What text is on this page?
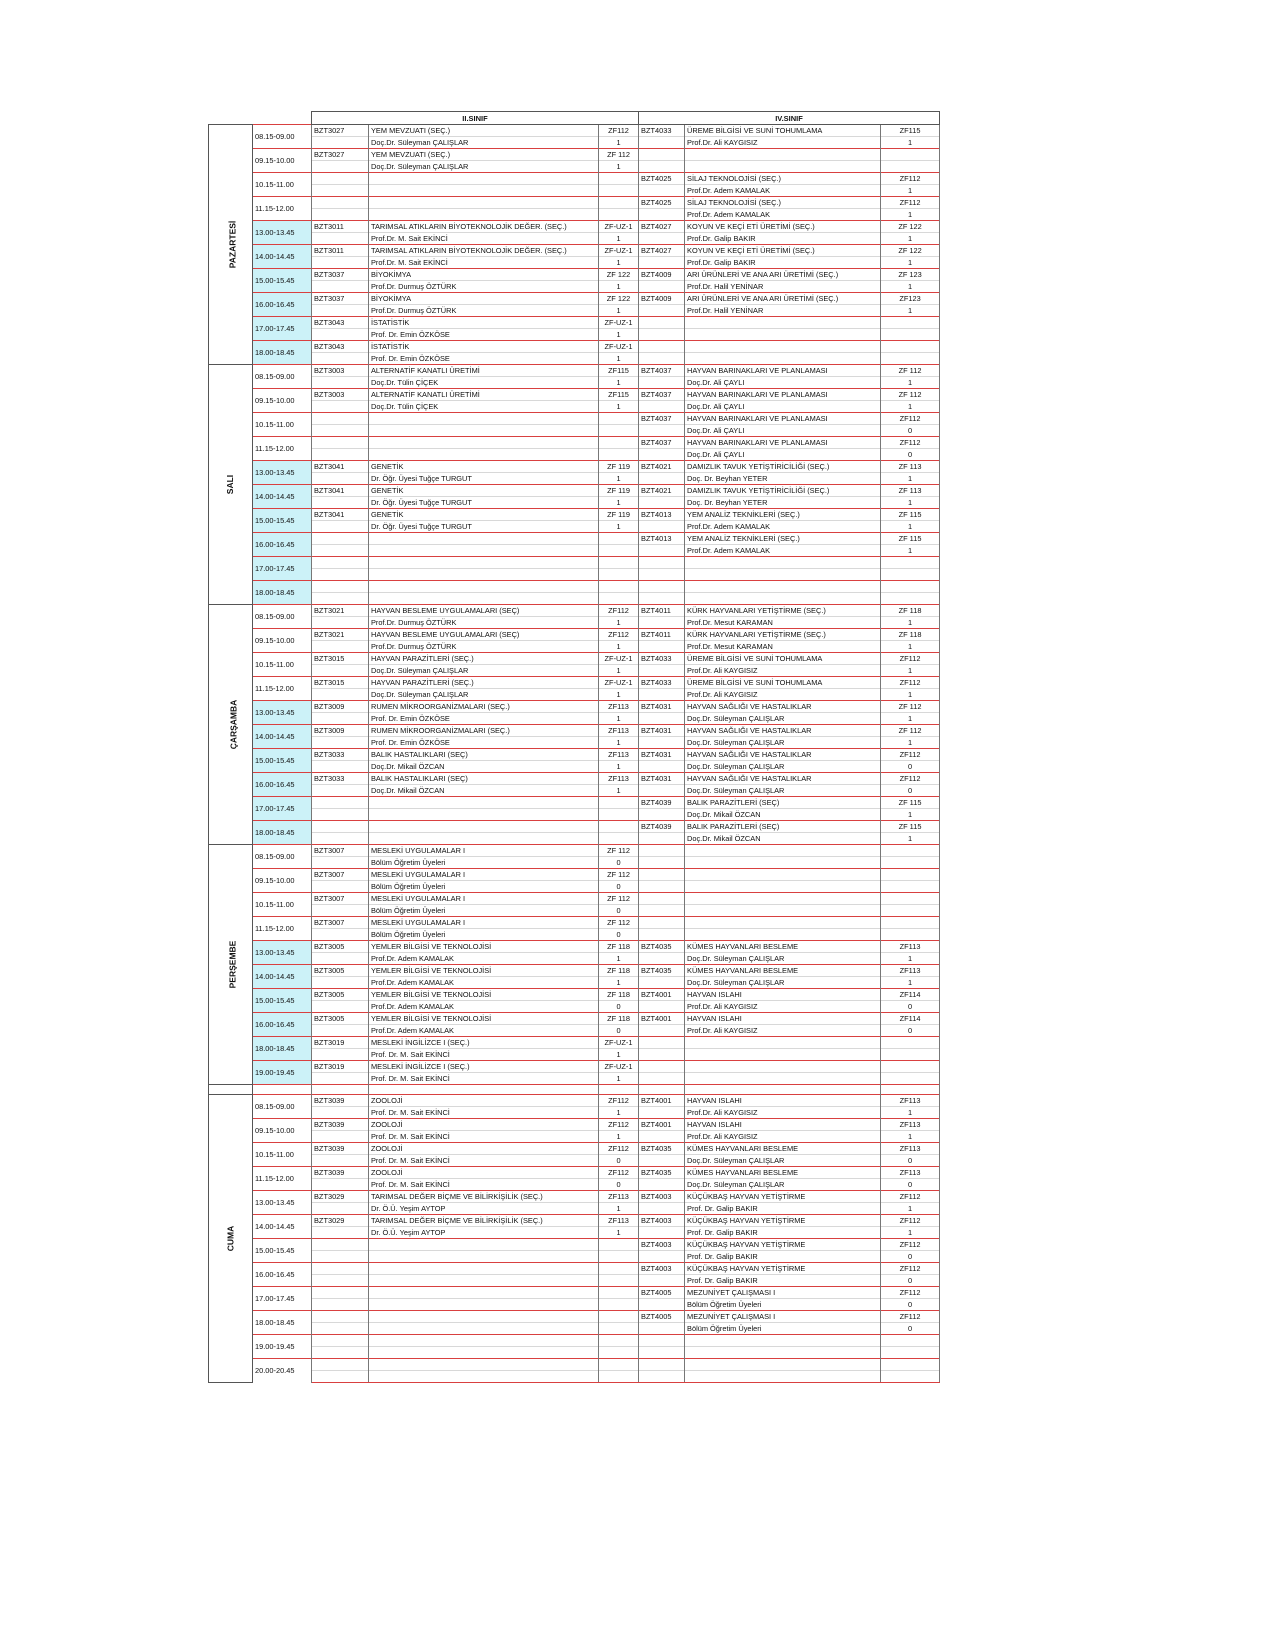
		II.SINIF			IV.SINIF		
PAZARTESİ	08.15-09.00	BZT3027	YEM MEVZUATI (SEÇ.)	ZF112	BZT4033	ÜREME BİLGİSİ VE SUNİ TOHUMLAMA	ZF115
			Doç.Dr. Süleyman ÇALIŞLAR	1		Prof.Dr. Ali KAYGISIZ	1
	09.15-10.00	BZT3027	YEM MEVZUATI (SEÇ.)	ZF 112			
			Doç.Dr. Süleyman ÇALIŞLAR	1			
	10.15-11.00				BZT4025	SİLAJ TEKNOLOJİSİ (SEÇ.)	ZF112
						Prof.Dr. Adem KAMALAK	1
	11.15-12.00				BZT4025	SİLAJ TEKNOLOJİSİ (SEÇ.)	ZF112
						Prof.Dr. Adem KAMALAK	1
	13.00-13.45	BZT3011	TARIMSAL ATIKLARIN BİYOTEKNOLOJİK DEĞER. (SEÇ.)	ZF-UZ-1	BZT4027	KOYUN VE KEÇİ ETİ ÜRETİMİ (SEÇ.)	ZF 122
			Prof.Dr. M. Sait EKİNCİ	1		Prof.Dr. Galip BAKIR	1
	14.00-14.45	BZT3011	TARIMSAL ATIKLARIN BİYOTEKNOLOJİK DEĞER. (SEÇ.)	ZF-UZ-1	BZT4027	KOYUN VE KEÇİ ETİ ÜRETİMİ (SEÇ.)	ZF 122
			Prof.Dr. M. Sait EKİNCİ	1		Prof.Dr. Galip BAKIR	1
	15.00-15.45	BZT3037	BİYOKİMYA	ZF 122	BZT4009	ARI ÜRÜNLERİ VE ANA ARI ÜRETİMİ (SEÇ.)	ZF 123
			Prof.Dr. Durmuş ÖZTÜRK	1		Prof.Dr. Halil YENİNAR	1
	16.00-16.45	BZT3037	BİYOKİMYA	ZF 122	BZT4009	ARI ÜRÜNLERİ VE ANA ARI ÜRETİMİ (SEÇ.)	ZF123
			Prof.Dr. Durmuş ÖZTÜRK	1		Prof.Dr. Halil YENİNAR	1
	17.00-17.45	BZT3043	İSTATİSTİK	ZF-UZ-1			
			Prof. Dr. Emin ÖZKÖSE	1			
	18.00-18.45	BZT3043	İSTATİSTİK	ZF-UZ-1			
			Prof. Dr. Emin ÖZKÖSE	1			
SALI	08.15-09.00	BZT3003	ALTERNATİF KANATLI ÜRETİMİ	ZF115	BZT4037	HAYVAN BARINAKLARI VE PLANLAMASI	ZF 112
			Doç.Dr. Tülin ÇİÇEK	1		Doç.Dr. Ali ÇAYLI	1
	09.15-10.00	BZT3003	ALTERNATİF KANATLI ÜRETİMİ	ZF115	BZT4037	HAYVAN BARINAKLARI VE PLANLAMASI	ZF 112
			Doç.Dr. Tülin ÇİÇEK	1		Doç.Dr. Ali ÇAYLI	1
	10.15-11.00				BZT4037	HAYVAN BARINAKLARI VE PLANLAMASI	ZF112
						Doç.Dr. Ali ÇAYLI	0
	11.15-12.00				BZT4037	HAYVAN BARINAKLARI VE PLANLAMASI	ZF112
						Doç.Dr. Ali ÇAYLI	0
	13.00-13.45	BZT3041	GENETİK	ZF 119	BZT4021	DAMIZLIK TAVUK YETİŞTİRİCİLİĞİ (SEÇ.)	ZF 113
			Dr. Öğr. Üyesi Tuğçe TURGUT	1		Doç. Dr. Beyhan YETER	1
	14.00-14.45	BZT3041	GENETİK	ZF 119	BZT4021	DAMIZLIK TAVUK YETİŞTİRİCİLİĞİ (SEÇ.)	ZF 113
			Dr. Öğr. Üyesi Tuğçe TURGUT	1		Doç. Dr. Beyhan YETER	1
	15.00-15.45	BZT3041	GENETİK	ZF 119	BZT4013	YEM ANALİZ TEKNİKLERİ (SEÇ.)	ZF 115
			Dr. Öğr. Üyesi Tuğçe TURGUT	1		Prof.Dr. Adem KAMALAK	1
	16.00-16.45				BZT4013	YEM ANALİZ TEKNİKLERİ (SEÇ.)	ZF 115
						Prof.Dr. Adem KAMALAK	1
	17.00-17.45						

	18.00-18.45						

ÇARŞAMBA	08.15-09.00	BZT3021	HAYVAN BESLEME UYGULAMALARI (SEÇ)	ZF112	BZT4011	KÜRK HAYVANLARI YETİŞTİRME (SEÇ.)	ZF 118
			Prof.Dr. Durmuş ÖZTÜRK	1		Prof.Dr. Mesut KARAMAN	1
	09.15-10.00	BZT3021	HAYVAN BESLEME UYGULAMALARI (SEÇ)	ZF112	BZT4011	KÜRK HAYVANLARI YETİŞTİRME (SEÇ.)	ZF 118
			Prof.Dr. Durmuş ÖZTÜRK	1		Prof.Dr. Mesut KARAMAN	1
	10.15-11.00	BZT3015	HAYVAN PARAZİTLERİ (SEÇ.)	ZF-UZ-1	BZT4033	ÜREME BİLGİSİ VE SUNİ TOHUMLAMA	ZF112
			Doç.Dr. Süleyman ÇALIŞLAR	1		Prof.Dr. Ali KAYGISIZ	1
	11.15-12.00	BZT3015	HAYVAN PARAZİTLERİ (SEÇ.)	ZF-UZ-1	BZT4033	ÜREME BİLGİSİ VE SUNİ TOHUMLAMA	ZF112
			Doç.Dr. Süleyman ÇALIŞLAR	1		Prof.Dr. Ali KAYGISIZ	1
	13.00-13.45	BZT3009	RUMEN MİKROORGANİZMALARI (SEÇ.)	ZF113	BZT4031	HAYVAN SAĞLIĞI VE HASTALIKLAR	ZF 112
			Prof. Dr. Emin ÖZKÖSE	1		Doç.Dr. Süleyman ÇALIŞLAR	1
	14.00-14.45	BZT3009	RUMEN MİKROORGANİZMALARI (SEÇ.)	ZF113	BZT4031	HAYVAN SAĞLIĞI VE HASTALIKLAR	ZF 112
			Prof. Dr. Emin ÖZKÖSE	1		Doç.Dr. Süleyman ÇALIŞLAR	1
	15.00-15.45	BZT3033	BALIK HASTALIKLARI (SEÇ)	ZF113	BZT4031	HAYVAN SAĞLIĞI VE HASTALIKLAR	ZF112
			Doç.Dr. Mikail ÖZCAN	1		Doç.Dr. Süleyman ÇALIŞLAR	0
	16.00-16.45	BZT3033	BALIK HASTALIKLARI (SEÇ)	ZF113	BZT4031	HAYVAN SAĞLIĞI VE HASTALIKLAR	ZF112
			Doç.Dr. Mikail ÖZCAN	1		Doç.Dr. Süleyman ÇALIŞLAR	0
	17.00-17.45				BZT4039	BALIK PARAZİTLERİ (SEÇ)	ZF 115
						Doç.Dr. Mikail ÖZCAN	1
	18.00-18.45				BZT4039	BALIK PARAZİTLERİ (SEÇ)	ZF 115
						Doç.Dr. Mikail ÖZCAN	1
PERŞEMBE	08.15-09.00	BZT3007	MESLEKİ UYGULAMALAR I	ZF 112			
			Bölüm Öğretim Üyeleri	0			
	09.15-10.00	BZT3007	MESLEKİ UYGULAMALAR I	ZF 112			
			Bölüm Öğretim Üyeleri	0			
	10.15-11.00	BZT3007	MESLEKİ UYGULAMALAR I	ZF 112			
			Bölüm Öğretim Üyeleri	0			
	11.15-12.00	BZT3007	MESLEKİ UYGULAMALAR I	ZF 112			
			Bölüm Öğretim Üyeleri	0			
	13.00-13.45	BZT3005	YEMLER BİLGİSİ VE TEKNOLOJİSİ	ZF 118	BZT4035	KÜMES HAYVANLARI BESLEME	ZF113
			Prof.Dr. Adem KAMALAK	1		Doç.Dr. Süleyman ÇALIŞLAR	1
	14.00-14.45	BZT3005	YEMLER BİLGİSİ VE TEKNOLOJİSİ	ZF 118	BZT4035	KÜMES HAYVANLARI BESLEME	ZF113
			Prof.Dr. Adem KAMALAK	1		Doç.Dr. Süleyman ÇALIŞLAR	1
	15.00-15.45	BZT3005	YEMLER BİLGİSİ VE TEKNOLOJİSİ	ZF 118	BZT4001	HAYVAN ISLAHI	ZF114
			Prof.Dr. Adem KAMALAK	0		Prof.Dr. Ali KAYGISIZ	0
	16.00-16.45	BZT3005	YEMLER BİLGİSİ VE TEKNOLOJİSİ	ZF 118	BZT4001	HAYVAN ISLAHI	ZF114
			Prof.Dr. Adem KAMALAK	0		Prof.Dr. Ali KAYGISIZ	0
	18.00-18.45	BZT3019	MESLEKİ İNGİLİZCE I (SEÇ.)	ZF-UZ-1			
			Prof. Dr. M. Sait EKİNCİ	1			
	19.00-19.45	BZT3019	MESLEKİ İNGİLİZCE I (SEÇ.)	ZF-UZ-1			
			Prof. Dr. M. Sait EKİNCİ	1			

CUMA	08.15-09.00	BZT3039	ZOOLOJİ	ZF112	BZT4001	HAYVAN ISLAHI	ZF113
			Prof. Dr. M. Sait EKİNCİ	1		Prof.Dr. Ali KAYGISIZ	1
	09.15-10.00	BZT3039	ZOOLOJİ	ZF112	BZT4001	HAYVAN ISLAHI	ZF113
			Prof. Dr. M. Sait EKİNCİ	1		Prof.Dr. Ali KAYGISIZ	1
	10.15-11.00	BZT3039	ZOOLOJİ	ZF112	BZT4035	KÜMES HAYVANLARI BESLEME	ZF113
			Prof. Dr. M. Sait EKİNCİ	0		Doç.Dr. Süleyman ÇALIŞLAR	0
	11.15-12.00	BZT3039	ZOOLOJİ	ZF112	BZT4035	KÜMES HAYVANLARI BESLEME	ZF113
			Prof. Dr. M. Sait EKİNCİ	0		Doç.Dr. Süleyman ÇALIŞLAR	0
	13.00-13.45	BZT3029	TARIMSAL DEĞER BİÇME VE BİLİRKİŞİLİK (SEÇ.)	ZF113	BZT4003	KÜÇÜKBAŞ HAYVAN YETİŞTİRME	ZF112
			Dr. Ö.Ü. Yeşim AYTOP	1		Prof. Dr. Galip BAKIR	1
	14.00-14.45	BZT3029	TARIMSAL DEĞER BİÇME VE BİLİRKİŞİLİK (SEÇ.)	ZF113	BZT4003	KÜÇÜKBAŞ HAYVAN YETİŞTİRME	ZF112
			Dr. Ö.Ü. Yeşim AYTOP	1		Prof. Dr. Galip BAKIR	1
	15.00-15.45				BZT4003	KÜÇÜKBAŞ HAYVAN YETİŞTİRME	ZF112
						Prof. Dr. Galip BAKIR	0
	16.00-16.45				BZT4003	KÜÇÜKBAŞ HAYVAN YETİŞTİRME	ZF112
						Prof. Dr. Galip BAKIR	0
	17.00-17.45				BZT4005	MEZUNİYET ÇALIŞMASI I	ZF112
						Bölüm Öğretim Üyeleri	0
	18.00-18.45				BZT4005	MEZUNİYET ÇALIŞMASI I	ZF112
						Bölüm Öğretim Üyeleri	0
	19.00-19.45						

	20.00-20.45						
